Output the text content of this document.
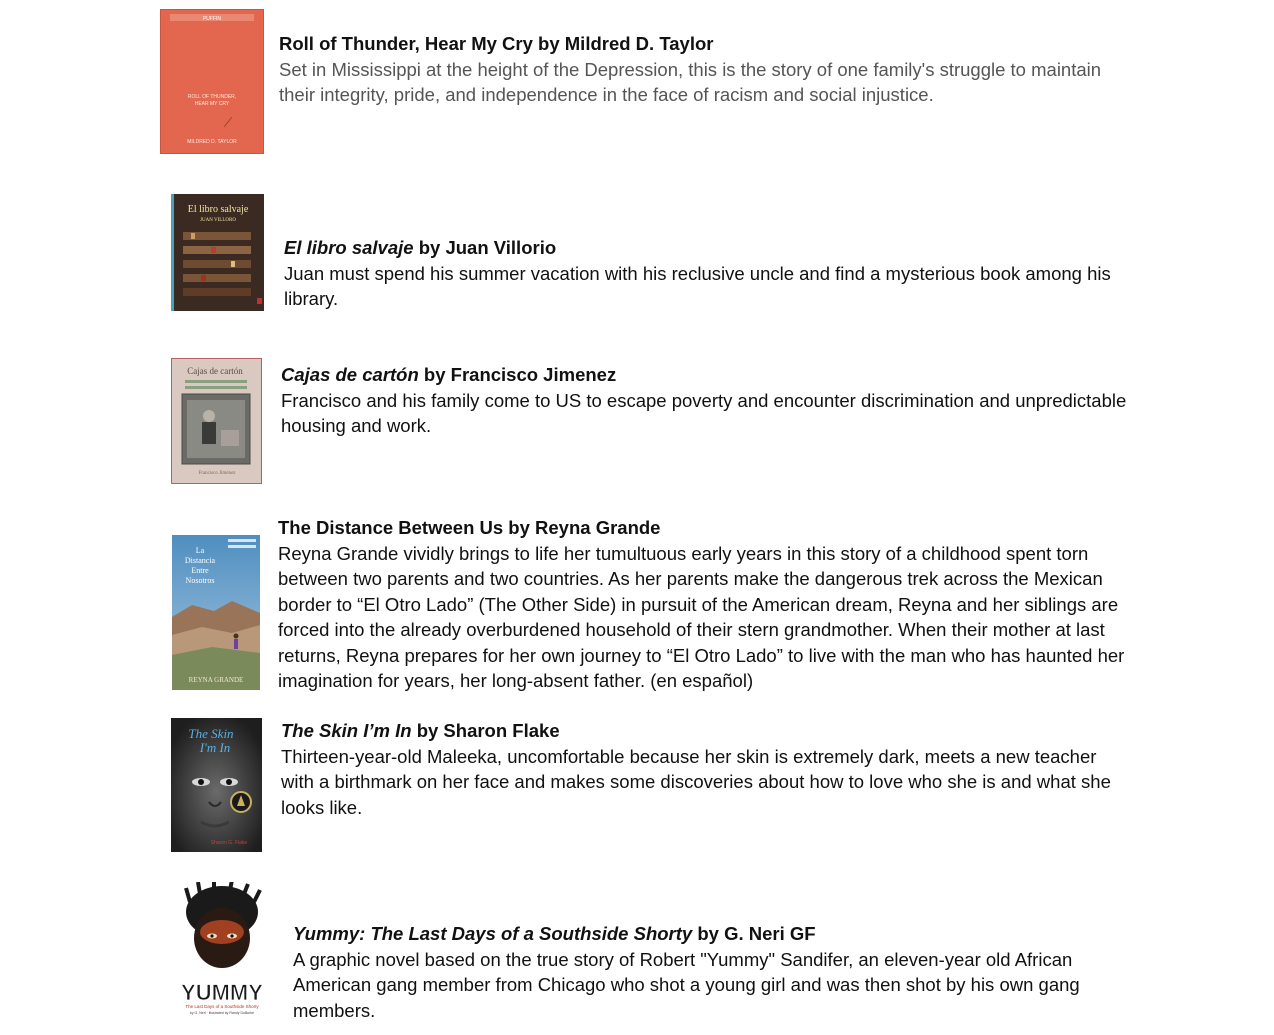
PUFFIN
ROLL OF THUNDER,
HEAR MY CRY
MILDRED D. TAYLOR

Roll of Thunder, Hear My Cry by Mildred D. Taylor

Set in Mississippi at the height of the Depression, this is the story of one family's struggle to maintain their integrity, pride, and independence in the face of racism and social injustice.

El libro salvaje
JUAN VILLORO

El libro salvaje by Juan Villorio

Juan must spend his summer vacation with his reclusive uncle and find a mysterious book among his library.

Cajas de cartón
Francisco Jiménez

Cajas de cartón by Francisco Jimenez

Francisco and his family come to US to escape poverty and encounter discrimination and unpredictable housing and work.

La
Distancia
Entre
Nosotros
REYNA GRANDE

The Distance Between Us by Reyna Grande

Reyna Grande vividly brings to life her tumultuous early years in this story of a childhood spent torn between two parents and two countries. As her parents make the dangerous trek across the Mexican border to “El Otro Lado” (The Other Side) in pursuit of the American dream, Reyna and her siblings are forced into the already overburdened household of their stern grandmother. When their mother at last returns, Reyna prepares for her own journey to “El Otro Lado” to live with the man who has haunted her imagination for years, her long-absent father. (en español)

The Skin
I'm In
Sharon G. Flake

The Skin I’m In by Sharon Flake

Thirteen-year-old Maleeka, uncomfortable because her skin is extremely dark, meets a new teacher with a birthmark on her face and makes some discoveries about how to love who she is and what she looks like.

YUMMY
The Last Days of a Southside Shorty
by G. Neri · illustrated by Randy DuBurke

Yummy: The Last Days of a Southside Shorty by G. Neri GF

A graphic novel based on the true story of Robert "Yummy" Sandifer, an eleven-year old African American gang member from Chicago who shot a young girl and was then shot by his own gang members.
